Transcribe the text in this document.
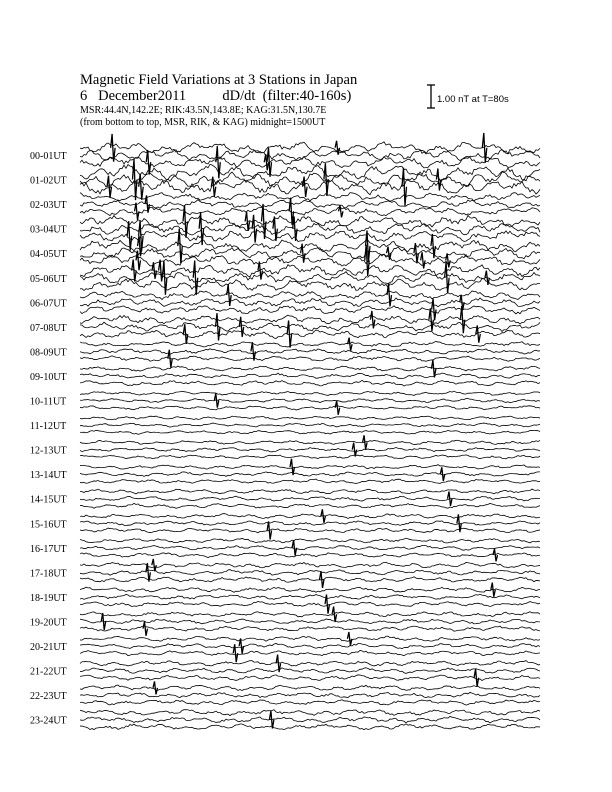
Magnetic Field Variations at 3 Stations in Japan
6   December2011          dD/dt  (filter:40-160s)
MSR:44.4N,142.2E; RIK:43.5N,143.8E; KAG:31.5N,130.7E
(from bottom to top, MSR, RIK, & KAG) midnight=1500UT
1.00 nT at T=80s
00-01UT
01-02UT
02-03UT
03-04UT
04-05UT
05-06UT
06-07UT
07-08UT
08-09UT
09-10UT
10-11UT
11-12UT
12-13UT
13-14UT
14-15UT
15-16UT
16-17UT
17-18UT
18-19UT
19-20UT
20-21UT
21-22UT
22-23UT
23-24UT
